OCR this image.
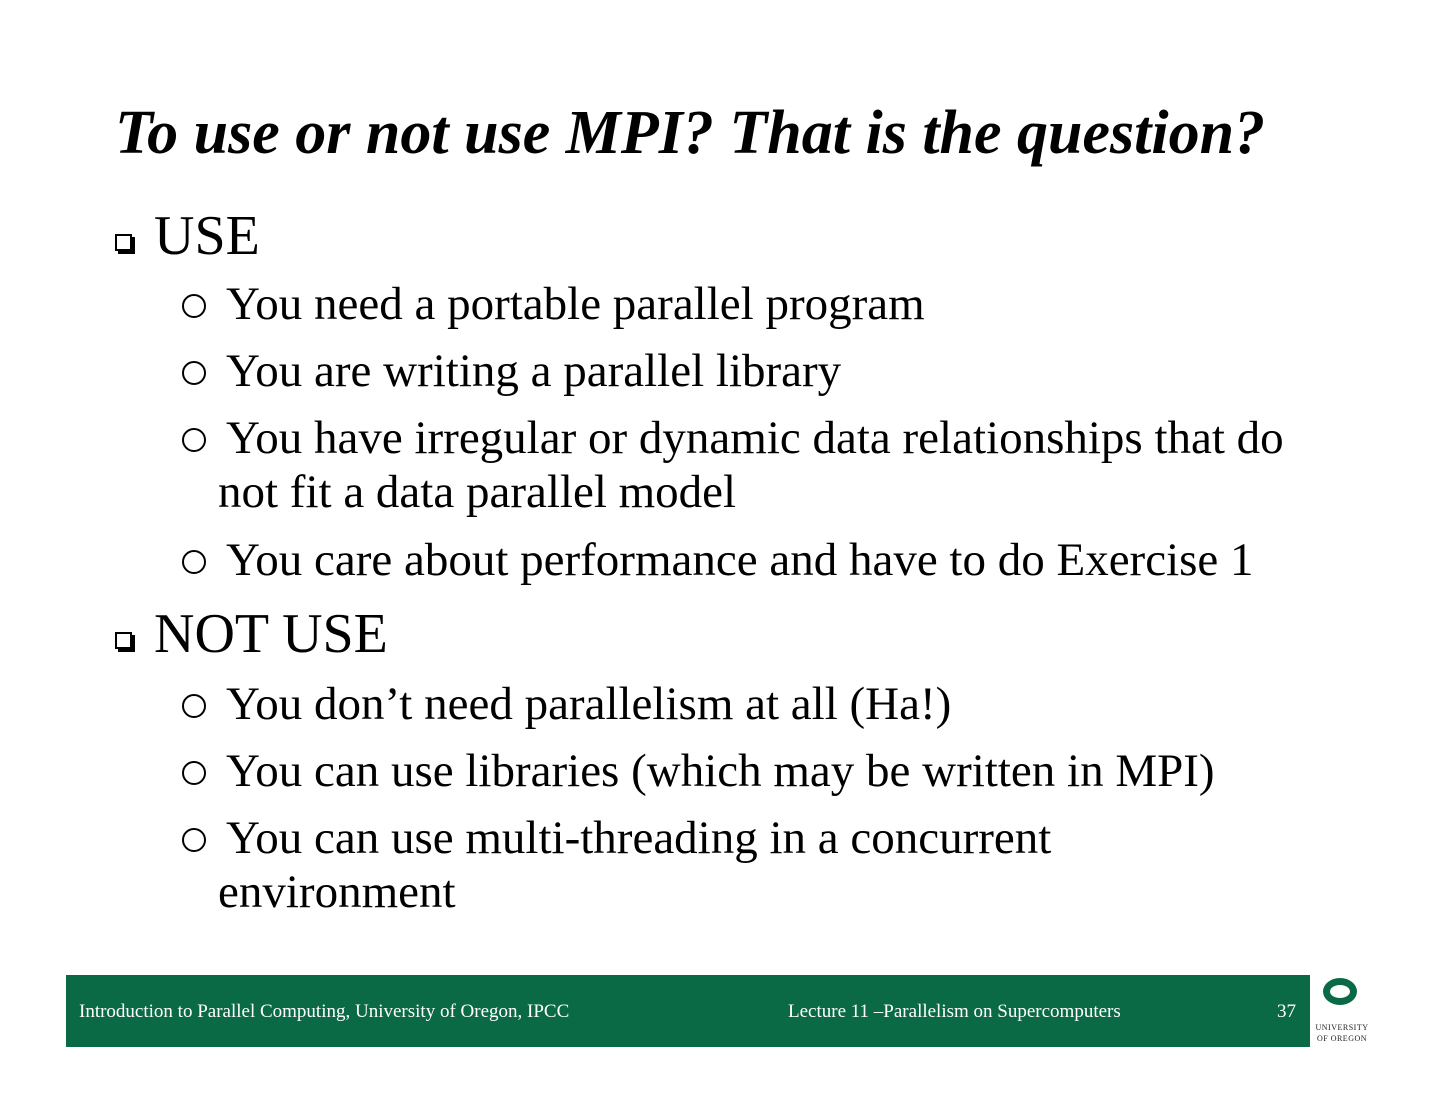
To use or not use MPI? That is the question?
USE
You need a portable parallel program
You are writing a parallel library
You have irregular or dynamic data relationships that do not fit a data parallel model
You care about performance and have to do Exercise 1
NOT USE
You don’t need parallelism at all (Ha!)
You can use libraries (which may be written in MPI)
You can use multi-threading in a concurrent environment
Introduction to Parallel Computing, University of Oregon, IPCC	Lecture 11 –Parallelism on Supercomputers	37
UNIVERSITY
OF OREGON
